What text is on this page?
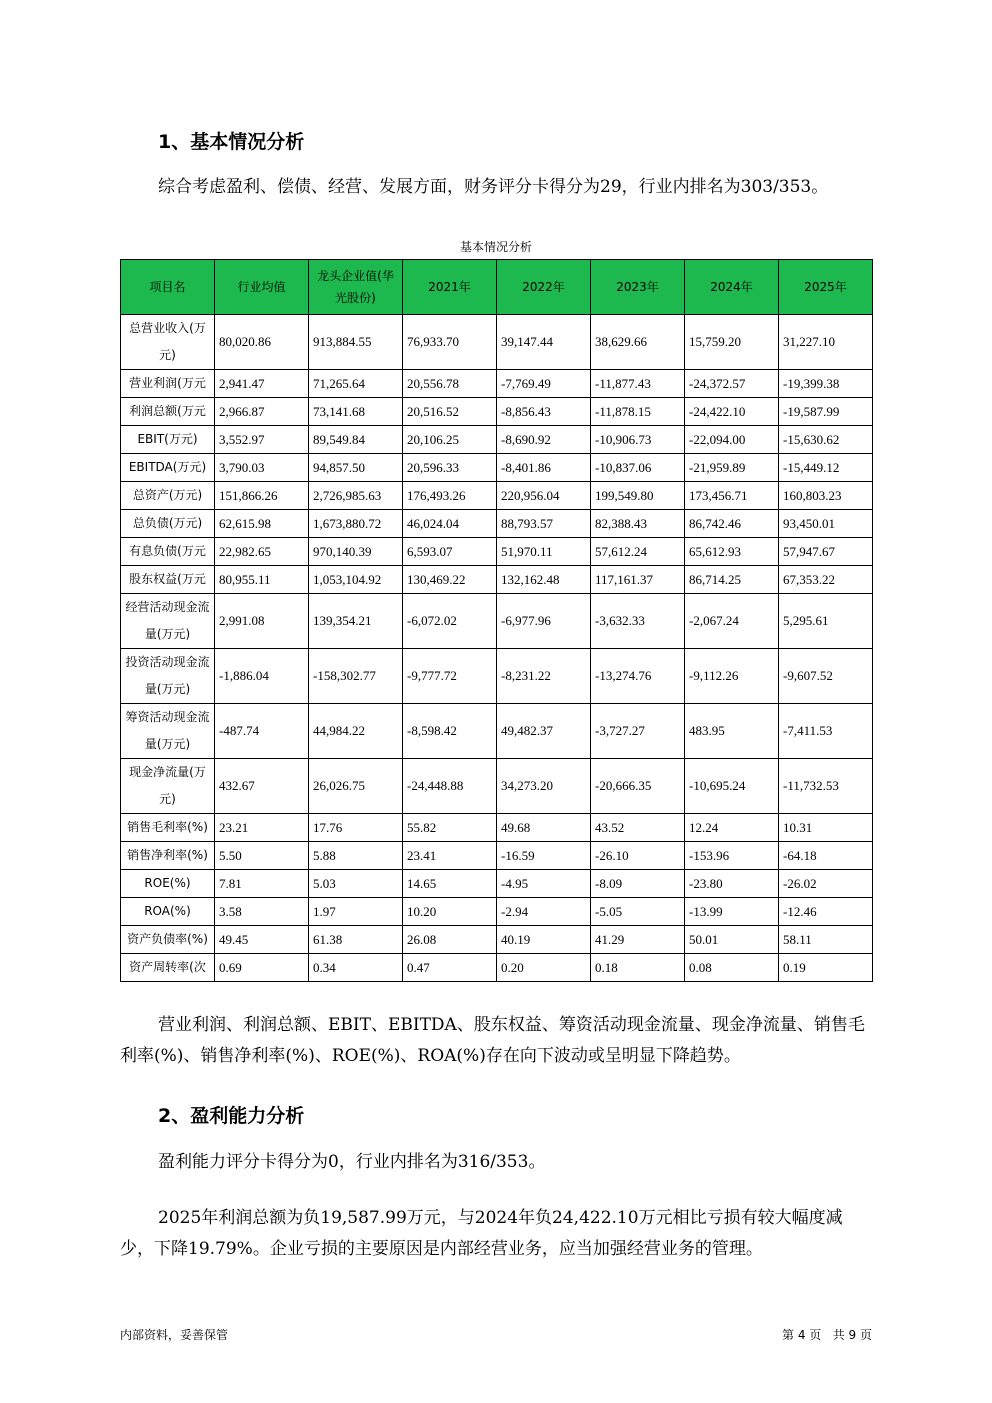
1、基本情况分析
综合考虑盈利、偿债、经营、发展方面，财务评分卡得分为29，行业内排名为303/353。
基本情况分析
项目名	行业均值	龙头企业值(华光股份)	2021年	2022年	2023年	2024年	2025年
总营业收入(万元)	80,020.86	913,884.55	76,933.70	39,147.44	38,629.66	15,759.20	31,227.10
营业利润(万元	2,941.47	71,265.64	20,556.78	-7,769.49	-11,877.43	-24,372.57	-19,399.38
利润总额(万元	2,966.87	73,141.68	20,516.52	-8,856.43	-11,878.15	-24,422.10	-19,587.99
EBIT(万元)	3,552.97	89,549.84	20,106.25	-8,690.92	-10,906.73	-22,094.00	-15,630.62
EBITDA(万元)	3,790.03	94,857.50	20,596.33	-8,401.86	-10,837.06	-21,959.89	-15,449.12
总资产(万元)	151,866.26	2,726,985.63	176,493.26	220,956.04	199,549.80	173,456.71	160,803.23
总负债(万元)	62,615.98	1,673,880.72	46,024.04	88,793.57	82,388.43	86,742.46	93,450.01
有息负债(万元	22,982.65	970,140.39	6,593.07	51,970.11	57,612.24	65,612.93	57,947.67
股东权益(万元	80,955.11	1,053,104.92	130,469.22	132,162.48	117,161.37	86,714.25	67,353.22
经营活动现金流量(万元)	2,991.08	139,354.21	-6,072.02	-6,977.96	-3,632.33	-2,067.24	5,295.61
投资活动现金流量(万元)	-1,886.04	-158,302.77	-9,777.72	-8,231.22	-13,274.76	-9,112.26	-9,607.52
筹资活动现金流量(万元)	-487.74	44,984.22	-8,598.42	49,482.37	-3,727.27	483.95	-7,411.53
现金净流量(万元)	432.67	26,026.75	-24,448.88	34,273.20	-20,666.35	-10,695.24	-11,732.53
销售毛利率(%)	23.21	17.76	55.82	49.68	43.52	12.24	10.31
销售净利率(%)	5.50	5.88	23.41	-16.59	-26.10	-153.96	-64.18
ROE(%)	7.81	5.03	14.65	-4.95	-8.09	-23.80	-26.02
ROA(%)	3.58	1.97	10.20	-2.94	-5.05	-13.99	-12.46
资产负债率(%)	49.45	61.38	26.08	40.19	41.29	50.01	58.11
资产周转率(次	0.69	0.34	0.47	0.20	0.18	0.08	0.19
营业利润、利润总额、EBIT、EBITDA、股东权益、筹资活动现金流量、现金净流量、销售毛利率(%)、销售净利率(%)、ROE(%)、ROA(%)存在向下波动或呈明显下降趋势。
2、盈利能力分析
盈利能力评分卡得分为0，行业内排名为316/353。
2025年利润总额为负19,587.99万元，与2024年负24,422.10万元相比亏损有较大幅度减少，下降19.79%。企业亏损的主要原因是内部经营业务，应当加强经营业务的管理。
内部资料，妥善保管	第 4 页   共 9 页
